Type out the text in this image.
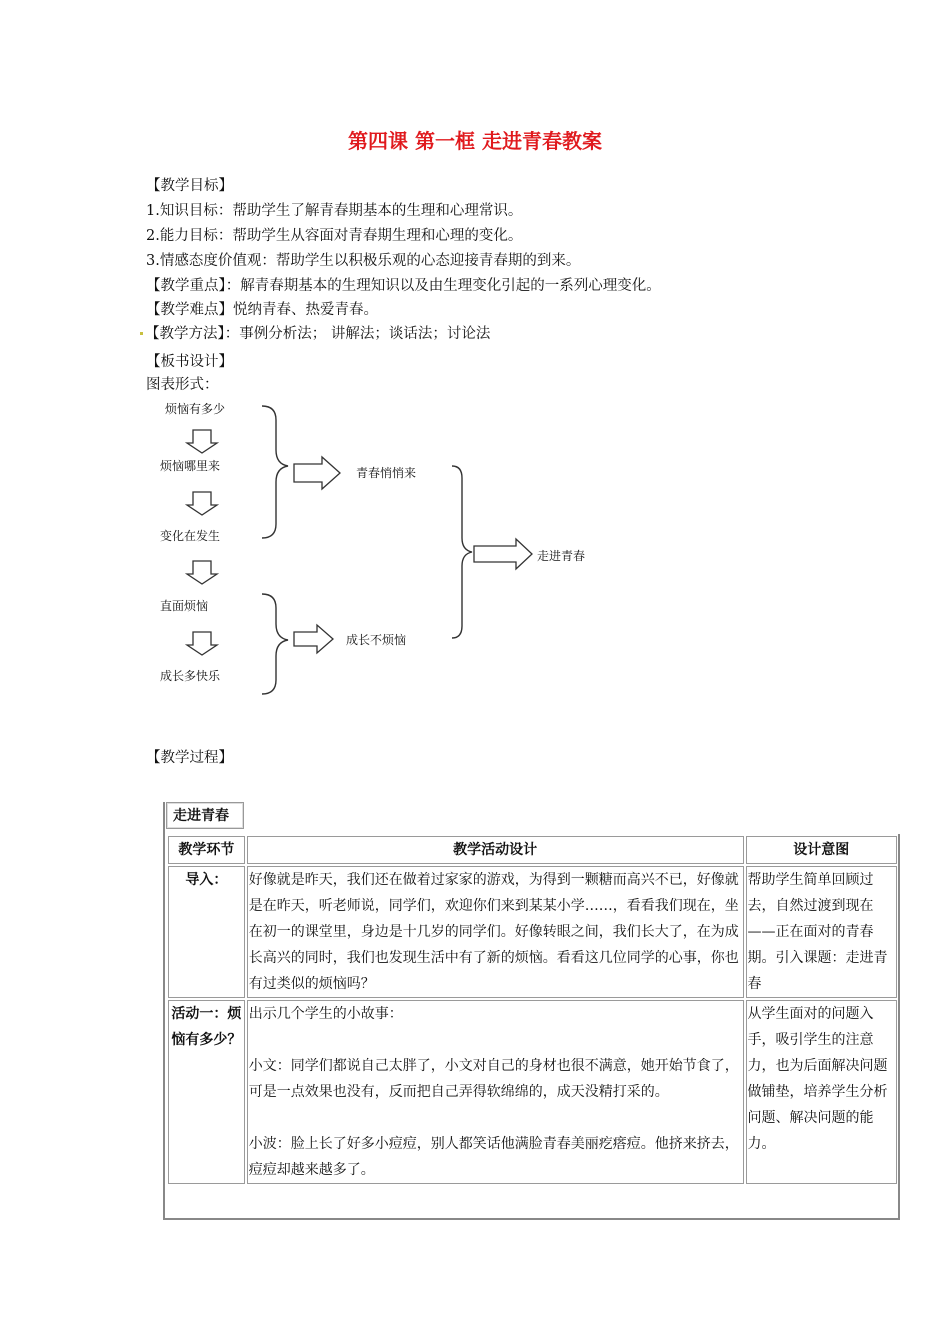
第四课 第一框 走进青春教案
【教学目标】
1.知识目标：帮助学生了解青春期基本的生理和心理常识。
2.能力目标：帮助学生从容面对青春期生理和心理的变化。
3.情感态度价值观：帮助学生以积极乐观的心态迎接青春期的到来。
【教学重点】：解青春期基本的生理知识以及由生理变化引起的一系列心理变化。
【教学难点】悦纳青春、热爱青春。
【教学方法】：事例分析法； 讲解法；谈话法；讨论法
【板书设计】
图表形式：
烦恼有多少
烦恼哪里来
变化在发生
直面烦恼
成长多快乐
青春悄悄来
成长不烦恼
走进青春
【教学过程】
走进青春
教学环节	教学活动设计	设计意图
导入：	好像就是昨天，我们还在做着过家家的游戏，为得到一颗糖而高兴不已，好像就是在昨天，听老师说，同学们，欢迎你们来到某某小学……，看看我们现在，坐在初一的课堂里，身边是十几岁的同学们。好像转眼之间，我们长大了，在为成长高兴的同时，我们也发现生活中有了新的烦恼。看看这几位同学的心事，你也有过类似的烦恼吗？	帮助学生简单回顾过去，自然过渡到现在——正在面对的青春期。引入课题：走进青春
活动一：烦恼有多少？	出示几个学生的小故事：

小文：同学们都说自己太胖了，小文对自己的身材也很不满意，她开始节食了，可是一点效果也没有，反而把自己弄得软绵绵的，成天没精打采的。

小波：脸上长了好多小痘痘，别人都笑话他满脸青春美丽疙瘩痘。他挤来挤去，痘痘却越来越多了。	从学生面对的问题入手，吸引学生的注意力，也为后面解决问题做铺垫，培养学生分析问题、解决问题的能力。
